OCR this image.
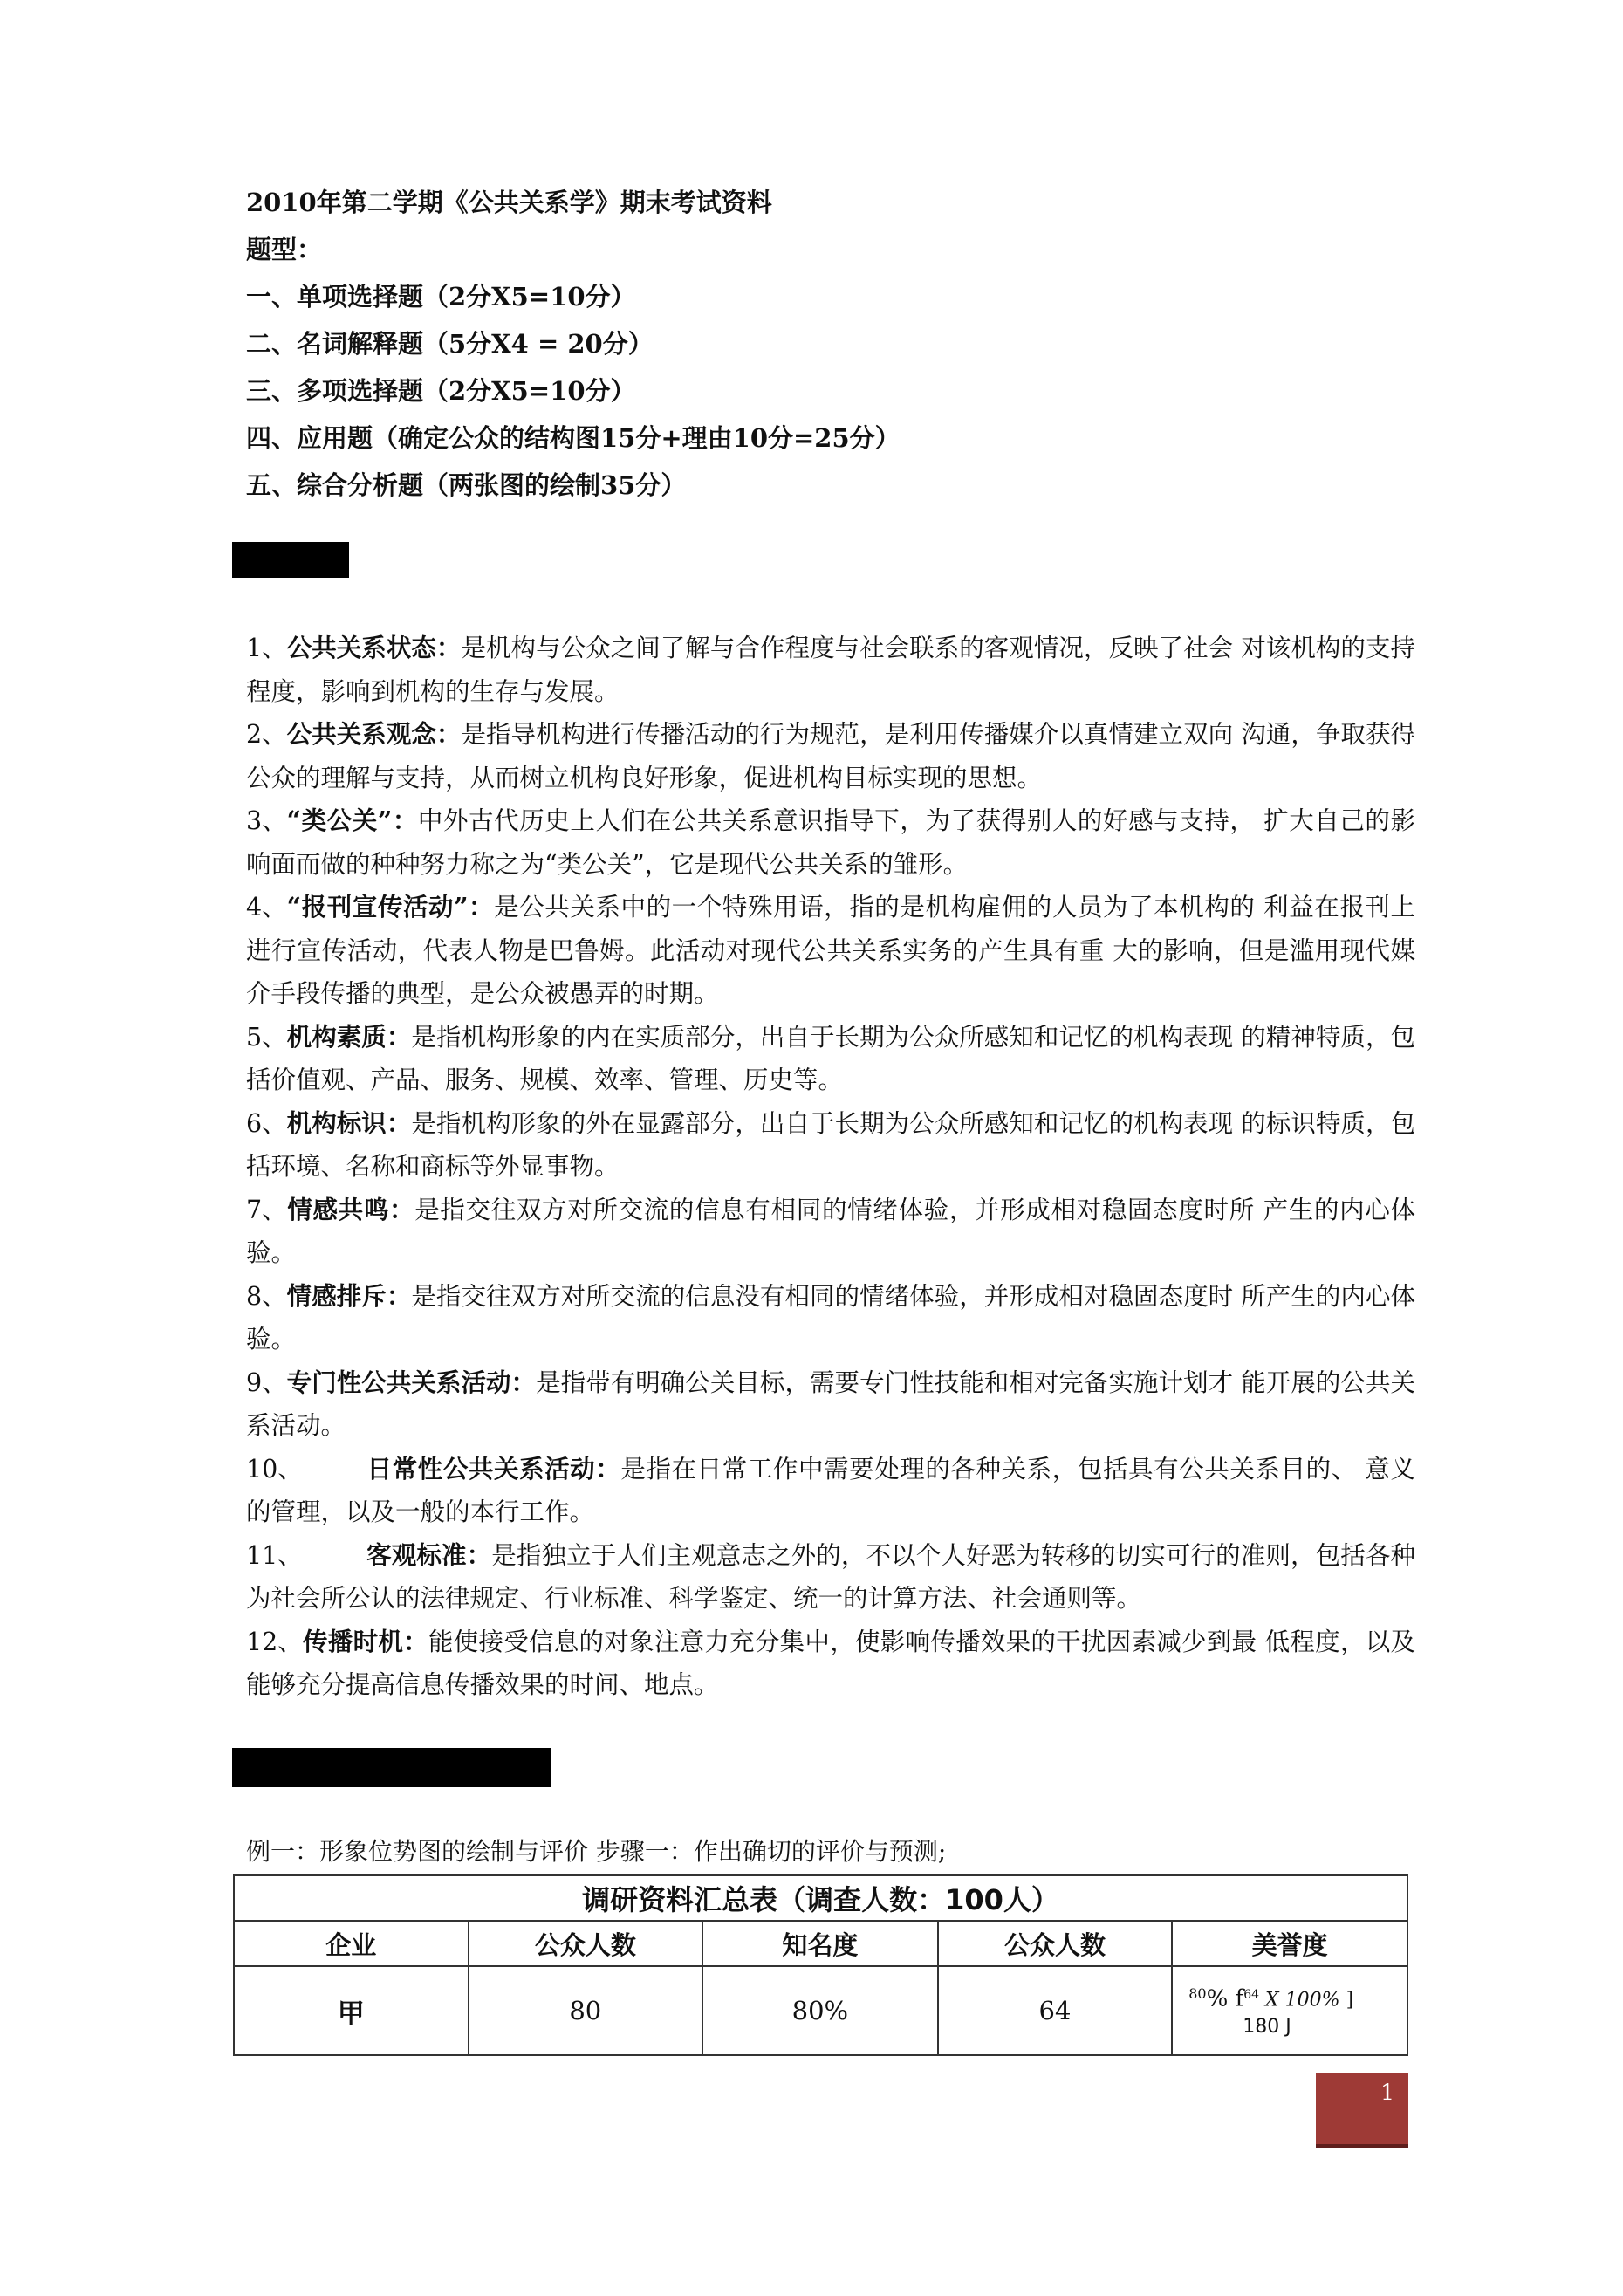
2010年第二学期《公共关系学》期末考试资料
题型：
一、单项选择题（2分X5=10分）
二、名词解释题（5分X4 = 20分）
三、多项选择题（2分X5=10分）
四、应用题（确定公众的结构图15分+理由10分=25分）
五、综合分析题（两张图的绘制35分）
1、公共关系状态：是机构与公众之间了解与合作程度与社会联系的客观情况，反映了社会 对该机构的支持程度，影响到机构的生存与发展。
2、公共关系观念：是指导机构进行传播活动的行为规范，是利用传播媒介以真情建立双向 沟通，争取获得公众的理解与支持，从而树立机构良好形象，促进机构目标实现的思想。
3、“类公关”：中外古代历史上人们在公共关系意识指导下，为了获得别人的好感与支持， 扩大自己的影响面而做的种种努力称之为“类公关”，它是现代公共关系的雏形。
4、“报刊宣传活动”：是公共关系中的一个特殊用语，指的是机构雇佣的人员为了本机构的 利益在报刊上进行宣传活动，代表人物是巴鲁姆。此活动对现代公共关系实务的产生具有重 大的影响，但是滥用现代媒介手段传播的典型，是公众被愚弄的时期。
5、机构素质：是指机构形象的内在实质部分，出自于长期为公众所感知和记忆的机构表现 的精神特质，包括价值观、产品、服务、规模、效率、管理、历史等。
6、机构标识：是指机构形象的外在显露部分，出自于长期为公众所感知和记忆的机构表现 的标识特质，包括环境、名称和商标等外显事物。
7、情感共鸣：是指交往双方对所交流的信息有相同的情绪体验，并形成相对稳固态度时所 产生的内心体验。
8、情感排斥：是指交往双方对所交流的信息没有相同的情绪体验，并形成相对稳固态度时 所产生的内心体验。
9、专门性公共关系活动：是指带有明确公关目标，需要专门性技能和相对完备实施计划才 能开展的公共关系活动。
10、	日常性公共关系活动：是指在日常工作中需要处理的各种关系，包括具有公共关系目的、 意义的管理，以及一般的本行工作。
11、	客观标准：是指独立于人们主观意志之外的，不以个人好恶为转移的切实可行的准则，包括各种为社会所公认的法律规定、行业标准、科学鉴定、统一的计算方法、社会通则等。
12、传播时机：能使接受信息的对象注意力充分集中，使影响传播效果的干扰因素减少到最 低程度，以及能够充分提高信息传播效果的时间、地点。
例一：形象位势图的绘制与评价 步骤一：作出确切的评价与预测;
调研资料汇总表（调查人数：100人）				
企业	公众人数	知名度	公众人数	美誉度
甲	80	80%	64	$^{80}$% $f^{64}$ X 100% ]
180 J
1
